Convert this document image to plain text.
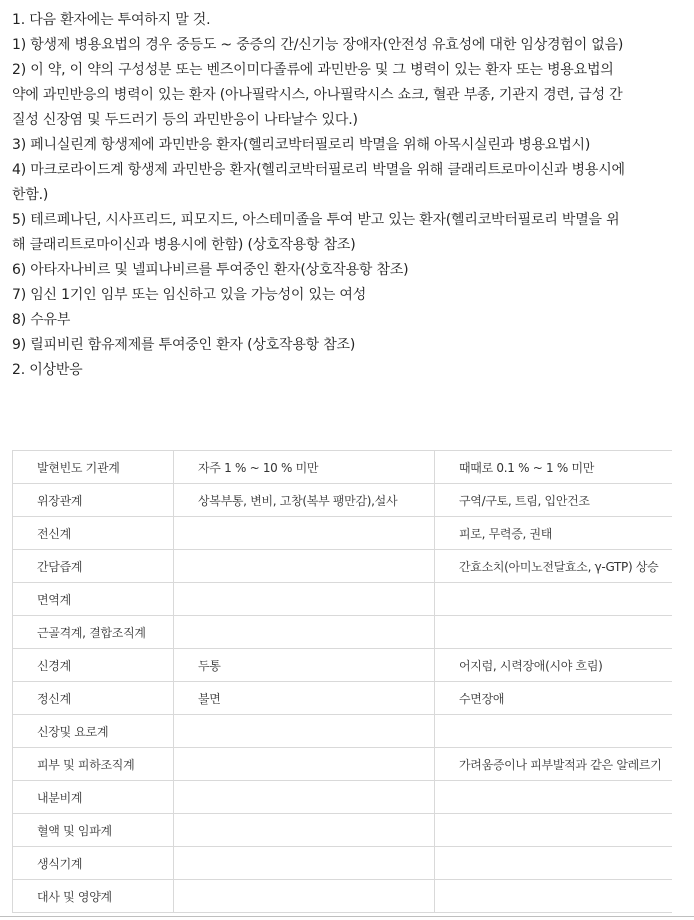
1. 다음 환자에는 투여하지 말 것.

1) 항생제 병용요법의 경우 중등도 ~ 중증의 간/신기능 장애자(안전성 유효성에 대한 임상경험이 없음)

2) 이 약, 이 약의 구성성분 또는 벤즈이미다졸류에 과민반응 및 그 병력이 있는 환자 또는 병용요법의

약에 과민반응의 병력이 있는 환자 (아나필락시스, 아나필락시스 쇼크, 혈관 부종, 기관지 경련, 급성 간

질성 신장염 및 두드러기 등의 과민반응이 나타날수 있다.)

3) 페니실린계 항생제에 과민반응 환자(헬리코박터필로리 박멸을 위해 아목시실린과 병용요법시)

4) 마크로라이드계 항생제 과민반응 환자(헬리코박터필로리 박멸을 위해 클래리트로마이신과 병용시에

한함.)

5) 테르페나딘, 시사프리드, 피모지드, 아스테미졸을 투여 받고 있는 환자(헬리코박터필로리 박멸을 위

해 클래리트로마이신과 병용시에 한함) (상호작용항 참조)

6) 아타자나비르 및 넬피나비르를 투여중인 환자(상호작용항 참조)

7) 임신 1기인 임부 또는 임신하고 있을 가능성이 있는 여성

8) 수유부

9) 릴피비린 함유제제를 투여중인 환자 (상호작용항 참조)

2. 이상반응

발현빈도 기관계	자주 1 % ~ 10 % 미만	때때로 0.1 % ~ 1 % 미만
위장관계	상복부통, 변비, 고창(복부 팽만감),설사	구역/구토, 트림, 입안건조
전신계		피로, 무력증, 권태
간담즙계		간효소치(아미노전달효소, γ-GTP) 상승
면역계		
근골격계, 결합조직계		
신경계	두통	어지럼, 시력장애(시야 흐림)
정신계	불면	수면장애
신장및 요로계		
피부 및 피하조직계		가려움증이나 피부발적과 같은 알레르기
내분비계		
혈액 및 임파계		
생식기계		
대사 및 영양계		
